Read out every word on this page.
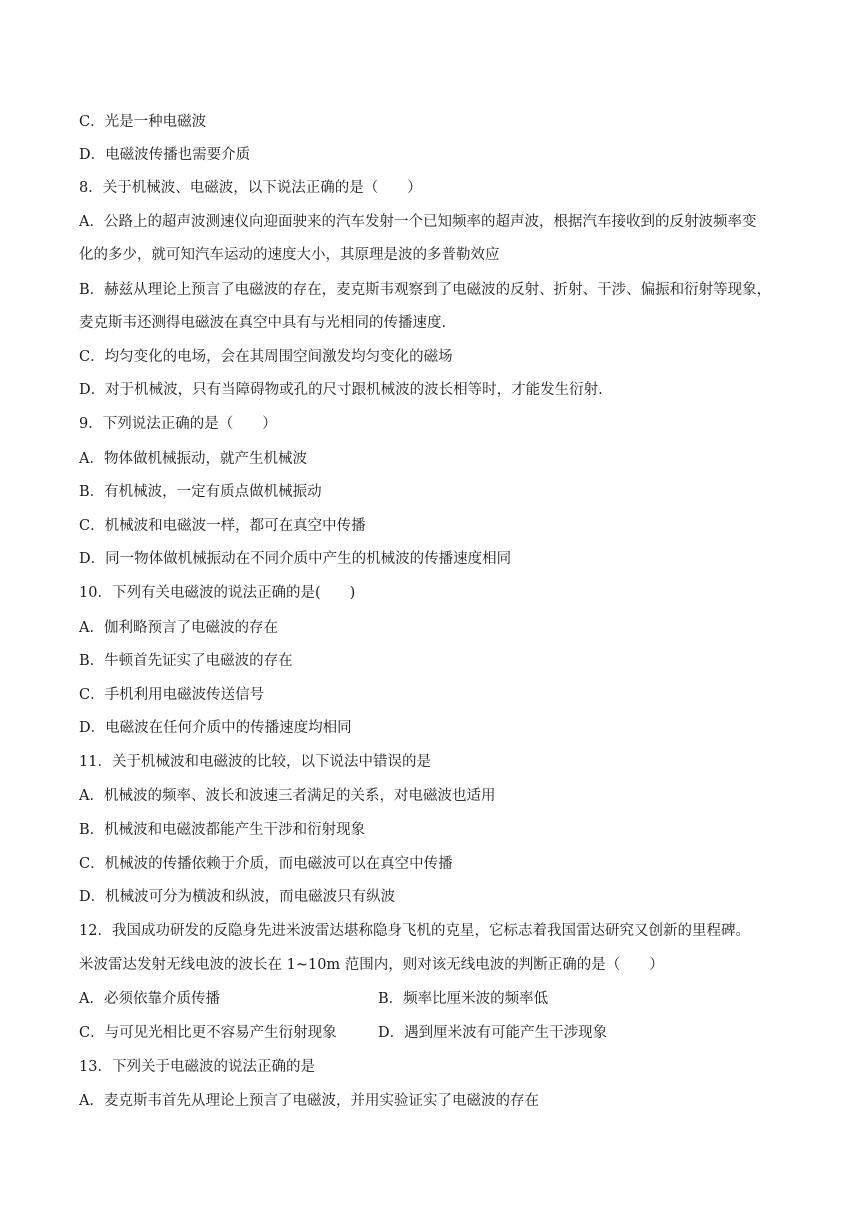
C．光是一种电磁波
D．电磁波传播也需要介质
8．关于机械波、电磁波，以下说法正确的是（　　）
A．公路上的超声波测速仪向迎面驶来的汽车发射一个已知频率的超声波，根据汽车接收到的反射波频率变
化的多少，就可知汽车运动的速度大小，其原理是波的多普勒效应
B．赫兹从理论上预言了电磁波的存在，麦克斯韦观察到了电磁波的反射、折射、干涉、偏振和衍射等现象，
麦克斯韦还测得电磁波在真空中具有与光相同的传播速度.
C．均匀变化的电场，会在其周围空间激发均匀变化的磁场
D．对于机械波，只有当障碍物或孔的尺寸跟机械波的波长相等时，才能发生衍射.
9．下列说法正确的是（　　）
A．物体做机械振动，就产生机械波
B．有机械波，一定有质点做机械振动
C．机械波和电磁波一样，都可在真空中传播
D．同一物体做机械振动在不同介质中产生的机械波的传播速度相同
10．下列有关电磁波的说法正确的是(　　)
A．伽利略预言了电磁波的存在
B．牛顿首先证实了电磁波的存在
C．手机利用电磁波传送信号
D．电磁波在任何介质中的传播速度均相同
11．关于机械波和电磁波的比较，以下说法中错误的是
A．机械波的频率、波长和波速三者满足的关系，对电磁波也适用
B．机械波和电磁波都能产生干涉和衍射现象
C．机械波的传播依赖于介质，而电磁波可以在真空中传播
D．机械波可分为横波和纵波，而电磁波只有纵波
12．我国成功研发的反隐身先进米波雷达堪称隐身飞机的克星，它标志着我国雷达研究又创新的里程碑。
米波雷达发射无线电波的波长在 1~10m 范围内，则对该无线电波的判断正确的是（　　）
A．必须依靠介质传播	B．频率比厘米波的频率低
C．与可见光相比更不容易产生衍射现象	D．遇到厘米波有可能产生干涉现象
13．下列关于电磁波的说法正确的是
A．麦克斯韦首先从理论上预言了电磁波，并用实验证实了电磁波的存在
